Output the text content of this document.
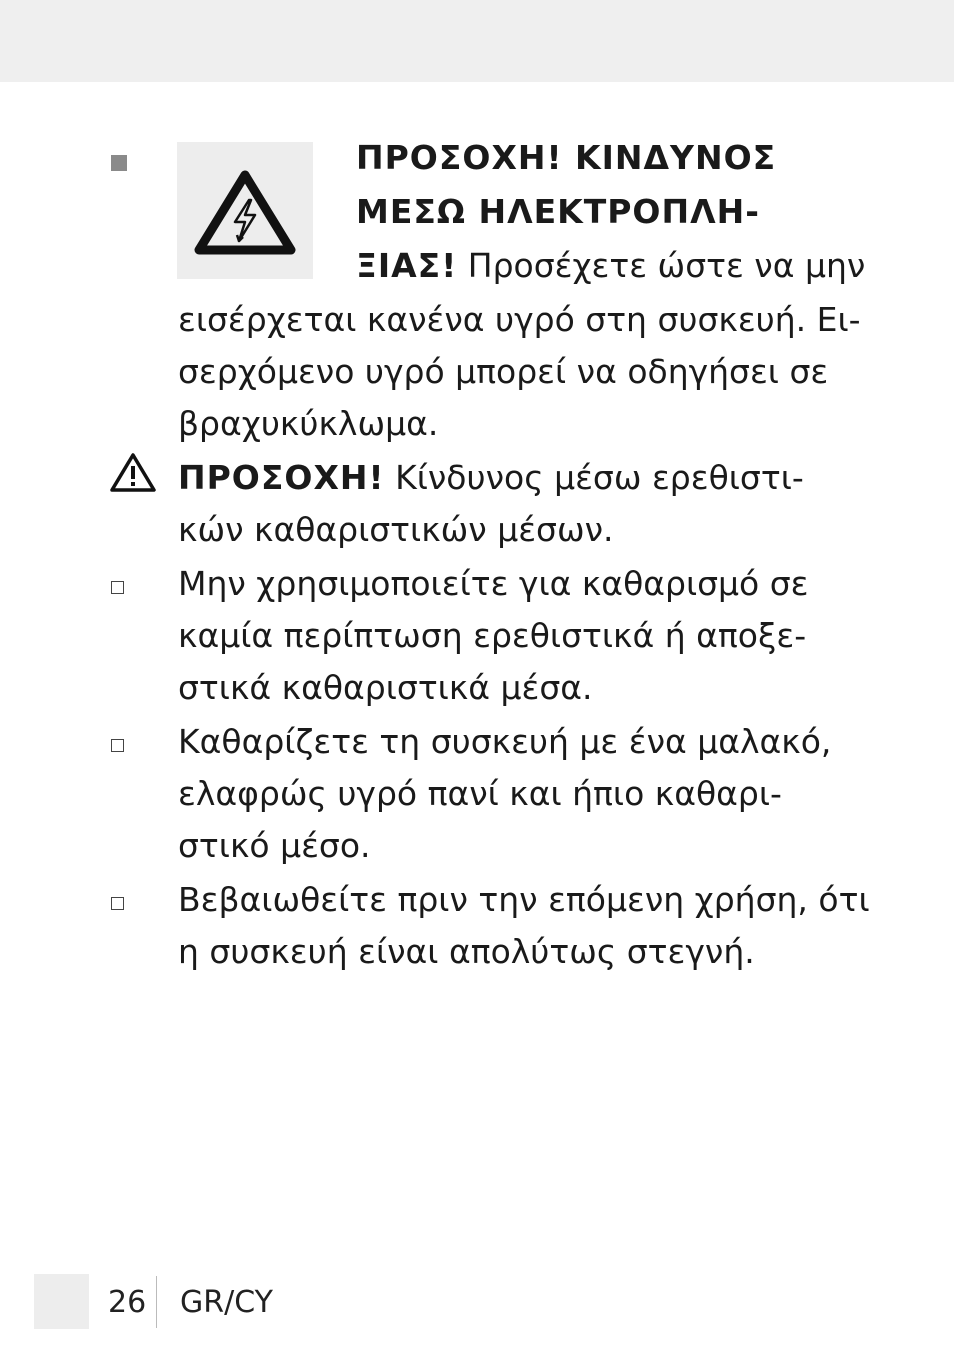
ΠΡΟΣΟΧΗ! ΚΙΝΔΥΝΟΣ
ΜΕΣΩ ΗΛΕΚΤΡΟΠΛΗ-
ΞΙΑΣ! Προσέχετε ώστε να μην
εισέρχεται κανένα υγρό στη συσκευή. Ει-
σερχόμενο υγρό μπορεί να οδηγήσει σε
βραχυκύκλωμα.
ΠΡΟΣΟΧΗ! Κίνδυνος μέσω ερεθιστι-
κών καθαριστικών μέσων.
Μην χρησιμοποιείτε για καθαρισμό σε
καμία περίπτωση ερεθιστικά ή αποξε-
στικά καθαριστικά μέσα.
Καθαρίζετε τη συσκευή με ένα μαλακό,
ελαφρώς υγρό πανί και ήπιο καθαρι-
στικό μέσο.
Βεβαιωθείτε πριν την επόμενη χρήση, ότι
η συσκευή είναι απολύτως στεγνή.
26 GR/CY
